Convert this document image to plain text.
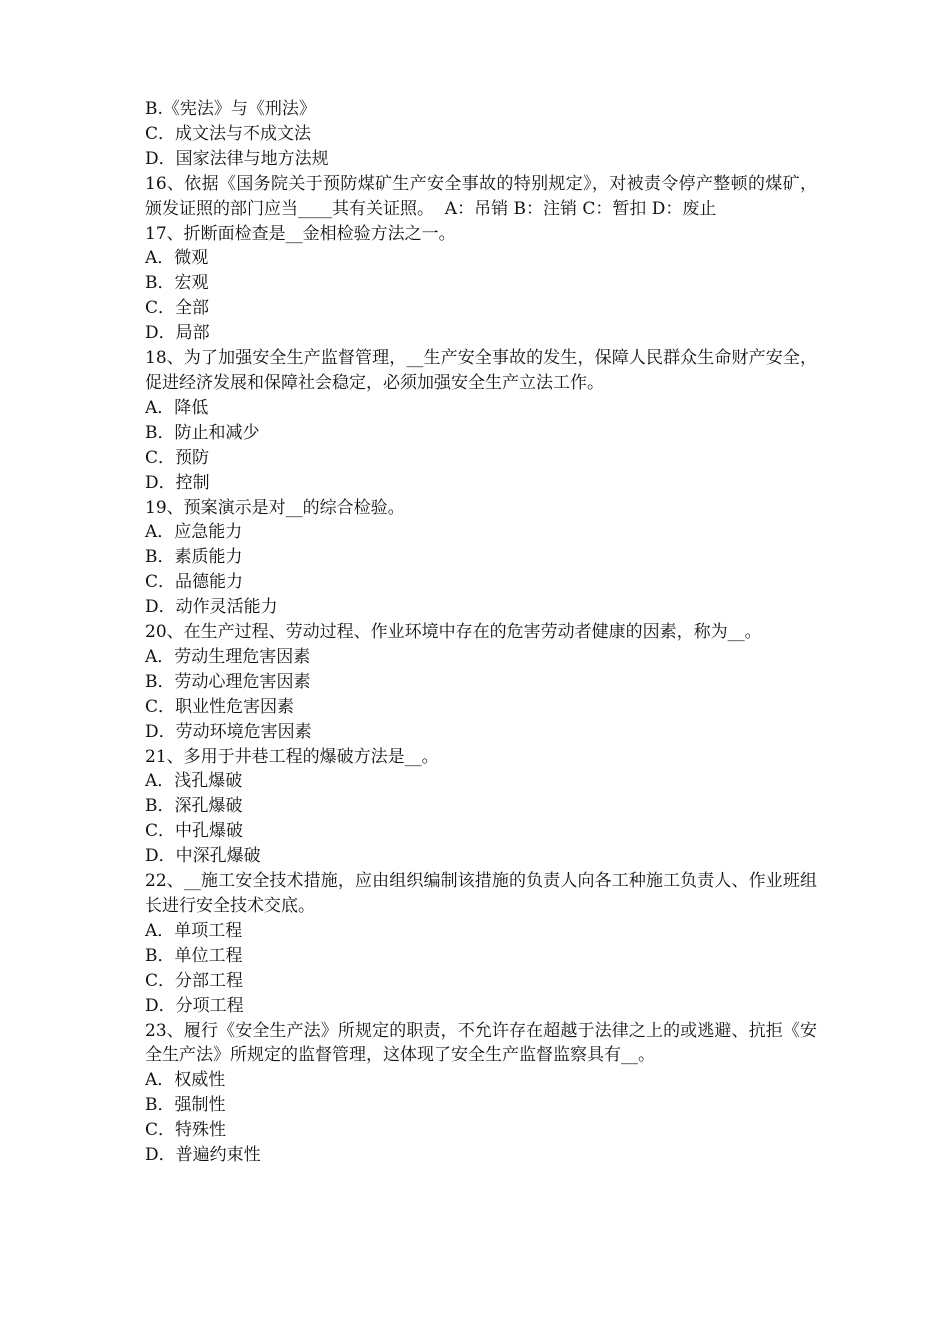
B.《宪法》与《刑法》
C．成文法与不成文法
D．国家法律与地方法规
16、依据《国务院关于预防煤矿生产安全事故的特别规定》，对被责令停产整顿的煤矿，颁发证照的部门应当____其有关证照。  A：吊销 B：注销 C：暂扣 D：废止
17、折断面检查是__金相检验方法之一。
A．微观
B．宏观
C．全部
D．局部
18、为了加强安全生产监督管理，__生产安全事故的发生，保障人民群众生命财产安全，促进经济发展和保障社会稳定，必须加强安全生产立法工作。
A．降低
B．防止和减少
C．预防
D．控制
19、预案演示是对__的综合检验。
A．应急能力
B．素质能力
C．品德能力
D．动作灵活能力
20、在生产过程、劳动过程、作业环境中存在的危害劳动者健康的因素，称为__。
A．劳动生理危害因素
B．劳动心理危害因素
C．职业性危害因素
D．劳动环境危害因素
21、多用于井巷工程的爆破方法是__。
A．浅孔爆破
B．深孔爆破
C．中孔爆破
D．中深孔爆破
22、__施工安全技术措施，应由组织编制该措施的负责人向各工种施工负责人、作业班组长进行安全技术交底。
A．单项工程
B．单位工程
C．分部工程
D．分项工程
23、履行《安全生产法》所规定的职责，不允许存在超越于法律之上的或逃避、抗拒《安全生产法》所规定的监督管理，这体现了安全生产监督监察具有__。
A．权威性
B．强制性
C．特殊性
D．普遍约束性
